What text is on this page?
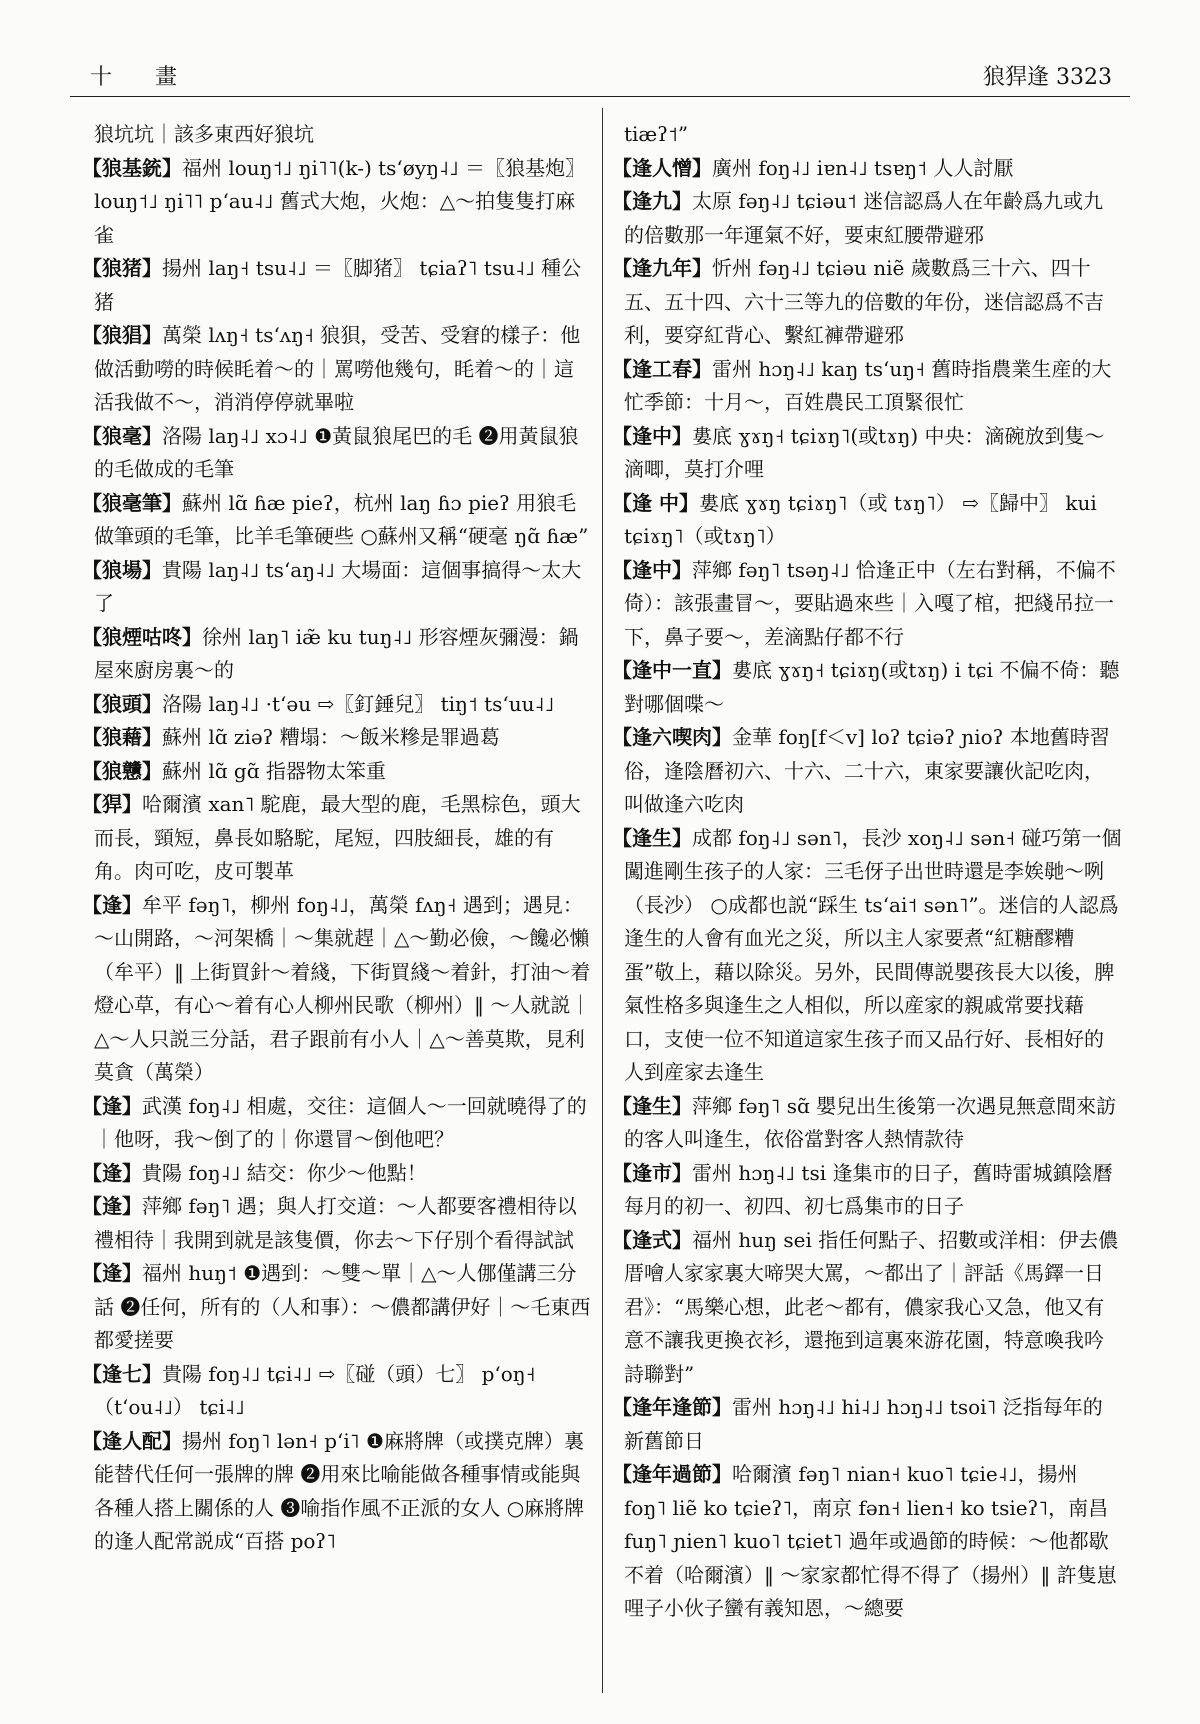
十 畫	狼猂逢 3323

狼坑坑｜該多東西好狼坑

【狼基銃】福州 louŋ˦˩ ŋi˥˥(k-) tsʻøyŋ˨˩ ＝〖狼基炮〗 louŋ˦˩ ŋi˥˥ pʻau˨˩ 舊式大炮，火炮：△～拍隻隻打麻雀

【狼猪】揚州 laŋ˧ tsu˨˩ ＝〖脚猪〗 tɕiaʔ˥ tsu˨˩ 種公猪

【狼猖】萬榮 lʌŋ˧ tsʻʌŋ˧ 狼狽，受苦、受窘的樣子：他做活動嘮的時候眊着～的｜罵嘮他幾句，眊着～的｜這活我做不～，消消停停就畢啦

【狼毫】洛陽 laŋ˨˩ xɔ˨˩ ❶黃鼠狼尾巴的毛 ❷用黃鼠狼的毛做成的毛筆

【狼毫筆】蘇州 lɑ̃ ɦæ pieʔ，杭州 laŋ ɦɔ pieʔ 用狼毛做筆頭的毛筆，比羊毛筆硬些 ○蘇州又稱“硬毫 ŋɑ̃ ɦæ”

【狼場】貴陽 laŋ˨˩ tsʻaŋ˨˩ 大場面：這個事搞得～太大了

【狼煙咕咚】徐州 laŋ˥ iæ̃ ku tuŋ˨˩ 形容煙灰彌漫：鍋屋來廚房裏～的

【狼頭】洛陽 laŋ˨˩ ·tʻəu ⇨〖釘錘兒〗 tiŋ˦ tsʻuu˨˩

【狼藉】蘇州 lɑ̃ ziəʔ 糟塌：～飯米糝是罪過葛

【狼戇】蘇州 lɑ̃ gɑ̃ 指器物太笨重

【猂】哈爾濱 xan˥ 駝鹿，最大型的鹿，毛黑棕色，頭大而長，頸短，鼻長如駱駝，尾短，四肢細長，雄的有角。肉可吃，皮可製革

【逢】牟平 fəŋ˥，柳州 foŋ˨˩，萬榮 fʌŋ˧ 遇到；遇見：～山開路，～河架橋｜～集就趕｜△～勤必儉，～饞必懶（牟平）‖ 上街買針～着綫，下街買綫～着針，打油～着燈心草，有心～着有心人柳州民歌（柳州）‖ ～人就説｜△～人只説三分話，君子跟前有小人｜△～善莫欺，見利莫貪（萬榮）

【逢】武漢 foŋ˨˩ 相處，交往：這個人～一回就曉得了的｜他呀，我～倒了的｜你還冒～倒他吧？

【逢】貴陽 foŋ˨˩ 結交：你少～他點！

【逢】萍鄉 fəŋ˥ 遇；與人打交道：～人都要客禮相待以禮相待｜我開到就是該隻價，你去～下仔別个看得試試

【逢】福州 huŋ˦ ❶遇到：～雙～單｜△～人㑚僅講三分話 ❷任何，所有的（人和事）：～儂都講伊好｜～乇東西都愛搓要

【逢七】貴陽 foŋ˨˩ tɕi˨˩ ⇨〖碰（頭）七〗 pʻoŋ˧ （tʻou˨˩） tɕi˨˩

【逢人配】揚州 foŋ˥ lən˧ pʻi˥ ❶麻將牌（或撲克牌）裏能替代任何一張牌的牌 ❷用來比喻能做各種事情或能與各種人搭上關係的人 ❸喻指作風不正派的女人 ○麻將牌的逢人配常説成“百搭 poʔ˥

tiæʔ˦”

【逢人憎】廣州 foŋ˨˩ iɐn˨˩ tsɐŋ˦ 人人討厭

【逢九】太原 fəŋ˨˩ tɕiəu˦ 迷信認爲人在年齡爲九或九的倍數那一年運氣不好，要束紅腰帶避邪

【逢九年】忻州 fəŋ˨˩ tɕiəu niẽ 歲數爲三十六、四十五、五十四、六十三等九的倍數的年份，迷信認爲不吉利，要穿紅背心、繫紅褲帶避邪

【逢工春】雷州 hɔŋ˨˩ kaŋ tsʻuŋ˧ 舊時指農業生産的大忙季節：十月～，百姓農民工頂緊很忙

【逢中】婁底 ɣɤŋ˧ tɕiɤŋ˥(或tɤŋ) 中央：滴碗放到隻～滴唧，莫打介哩

【逢 中】婁底 ɣɤŋ tɕiɤŋ˥（或 tɤŋ˥） ⇨〖歸中〗 kui tɕiɤŋ˥（或tɤŋ˥）

【逢中】萍鄉 fəŋ˥ tsəŋ˨˩ 恰逢正中（左右對稱，不偏不倚）：該張畫冒～，要貼過來些｜入嘎了棺，把綫吊拉一下，鼻子要～，差滴點仔都不行

【逢中一直】婁底 ɣɤŋ˧ tɕiɤŋ(或tɤŋ) i tɕi 不偏不倚：聽對哪個喋～

【逢六喫肉】金華 foŋ[f＜v] loʔ tɕiəʔ ɲioʔ 本地舊時習俗，逢陰曆初六、十六、二十六，東家要讓伙記吃肉，叫做逢六吃肉

【逢生】成都 foŋ˨˩ sən˥，長沙 xoŋ˨˩ sən˧ 碰巧第一個闖進剛生孩子的人家：三毛伢子出世時還是李娭毑～咧（長沙） ○成都也説“踩生 tsʻai˦ sən˥”。迷信的人認爲逢生的人會有血光之災，所以主人家要煮“紅糖醪糟蛋”敬上，藉以除災。另外，民間傳説嬰孩長大以後，脾氣性格多與逢生之人相似，所以産家的親戚常要找藉口，支使一位不知道這家生孩子而又品行好、長相好的人到産家去逢生

【逢生】萍鄉 fəŋ˥ sɑ̃ 嬰兒出生後第一次遇見無意間來訪的客人叫逢生，依俗當對客人熱情款待

【逢市】雷州 hɔŋ˨˩ tsi 逢集市的日子，舊時雷城鎮陰曆每月的初一、初四、初七爲集市的日子

【逢式】福州 huŋ sei 指任何點子、招數或洋相：伊去儂厝噲人家家裏大啼哭大罵，～都出了｜評話《馬鐸一日君》：“馬樂心想，此老～都有，儂家我心又急，他又有意不讓我更換衣衫，還拖到這裏來游花園，特意喚我吟詩聯對”

【逢年逢節】雷州 hɔŋ˨˩ hi˨˩ hɔŋ˨˩ tsoi˥ 泛指每年的新舊節日

【逢年過節】哈爾濱 fəŋ˥ nian˧ kuo˥ tɕie˨˩，揚州 foŋ˥ liẽ ko tɕieʔ˥，南京 fən˧ lien˧ ko tsieʔ˥，南昌 fuŋ˥ ɲien˥ kuo˥ tɕiet˥ 過年或過節的時候：～他都歇不着（哈爾濱）‖ ～家家都忙得不得了（揚州）‖ 許隻崽哩子小伙子蠻有義知恩，～總要
